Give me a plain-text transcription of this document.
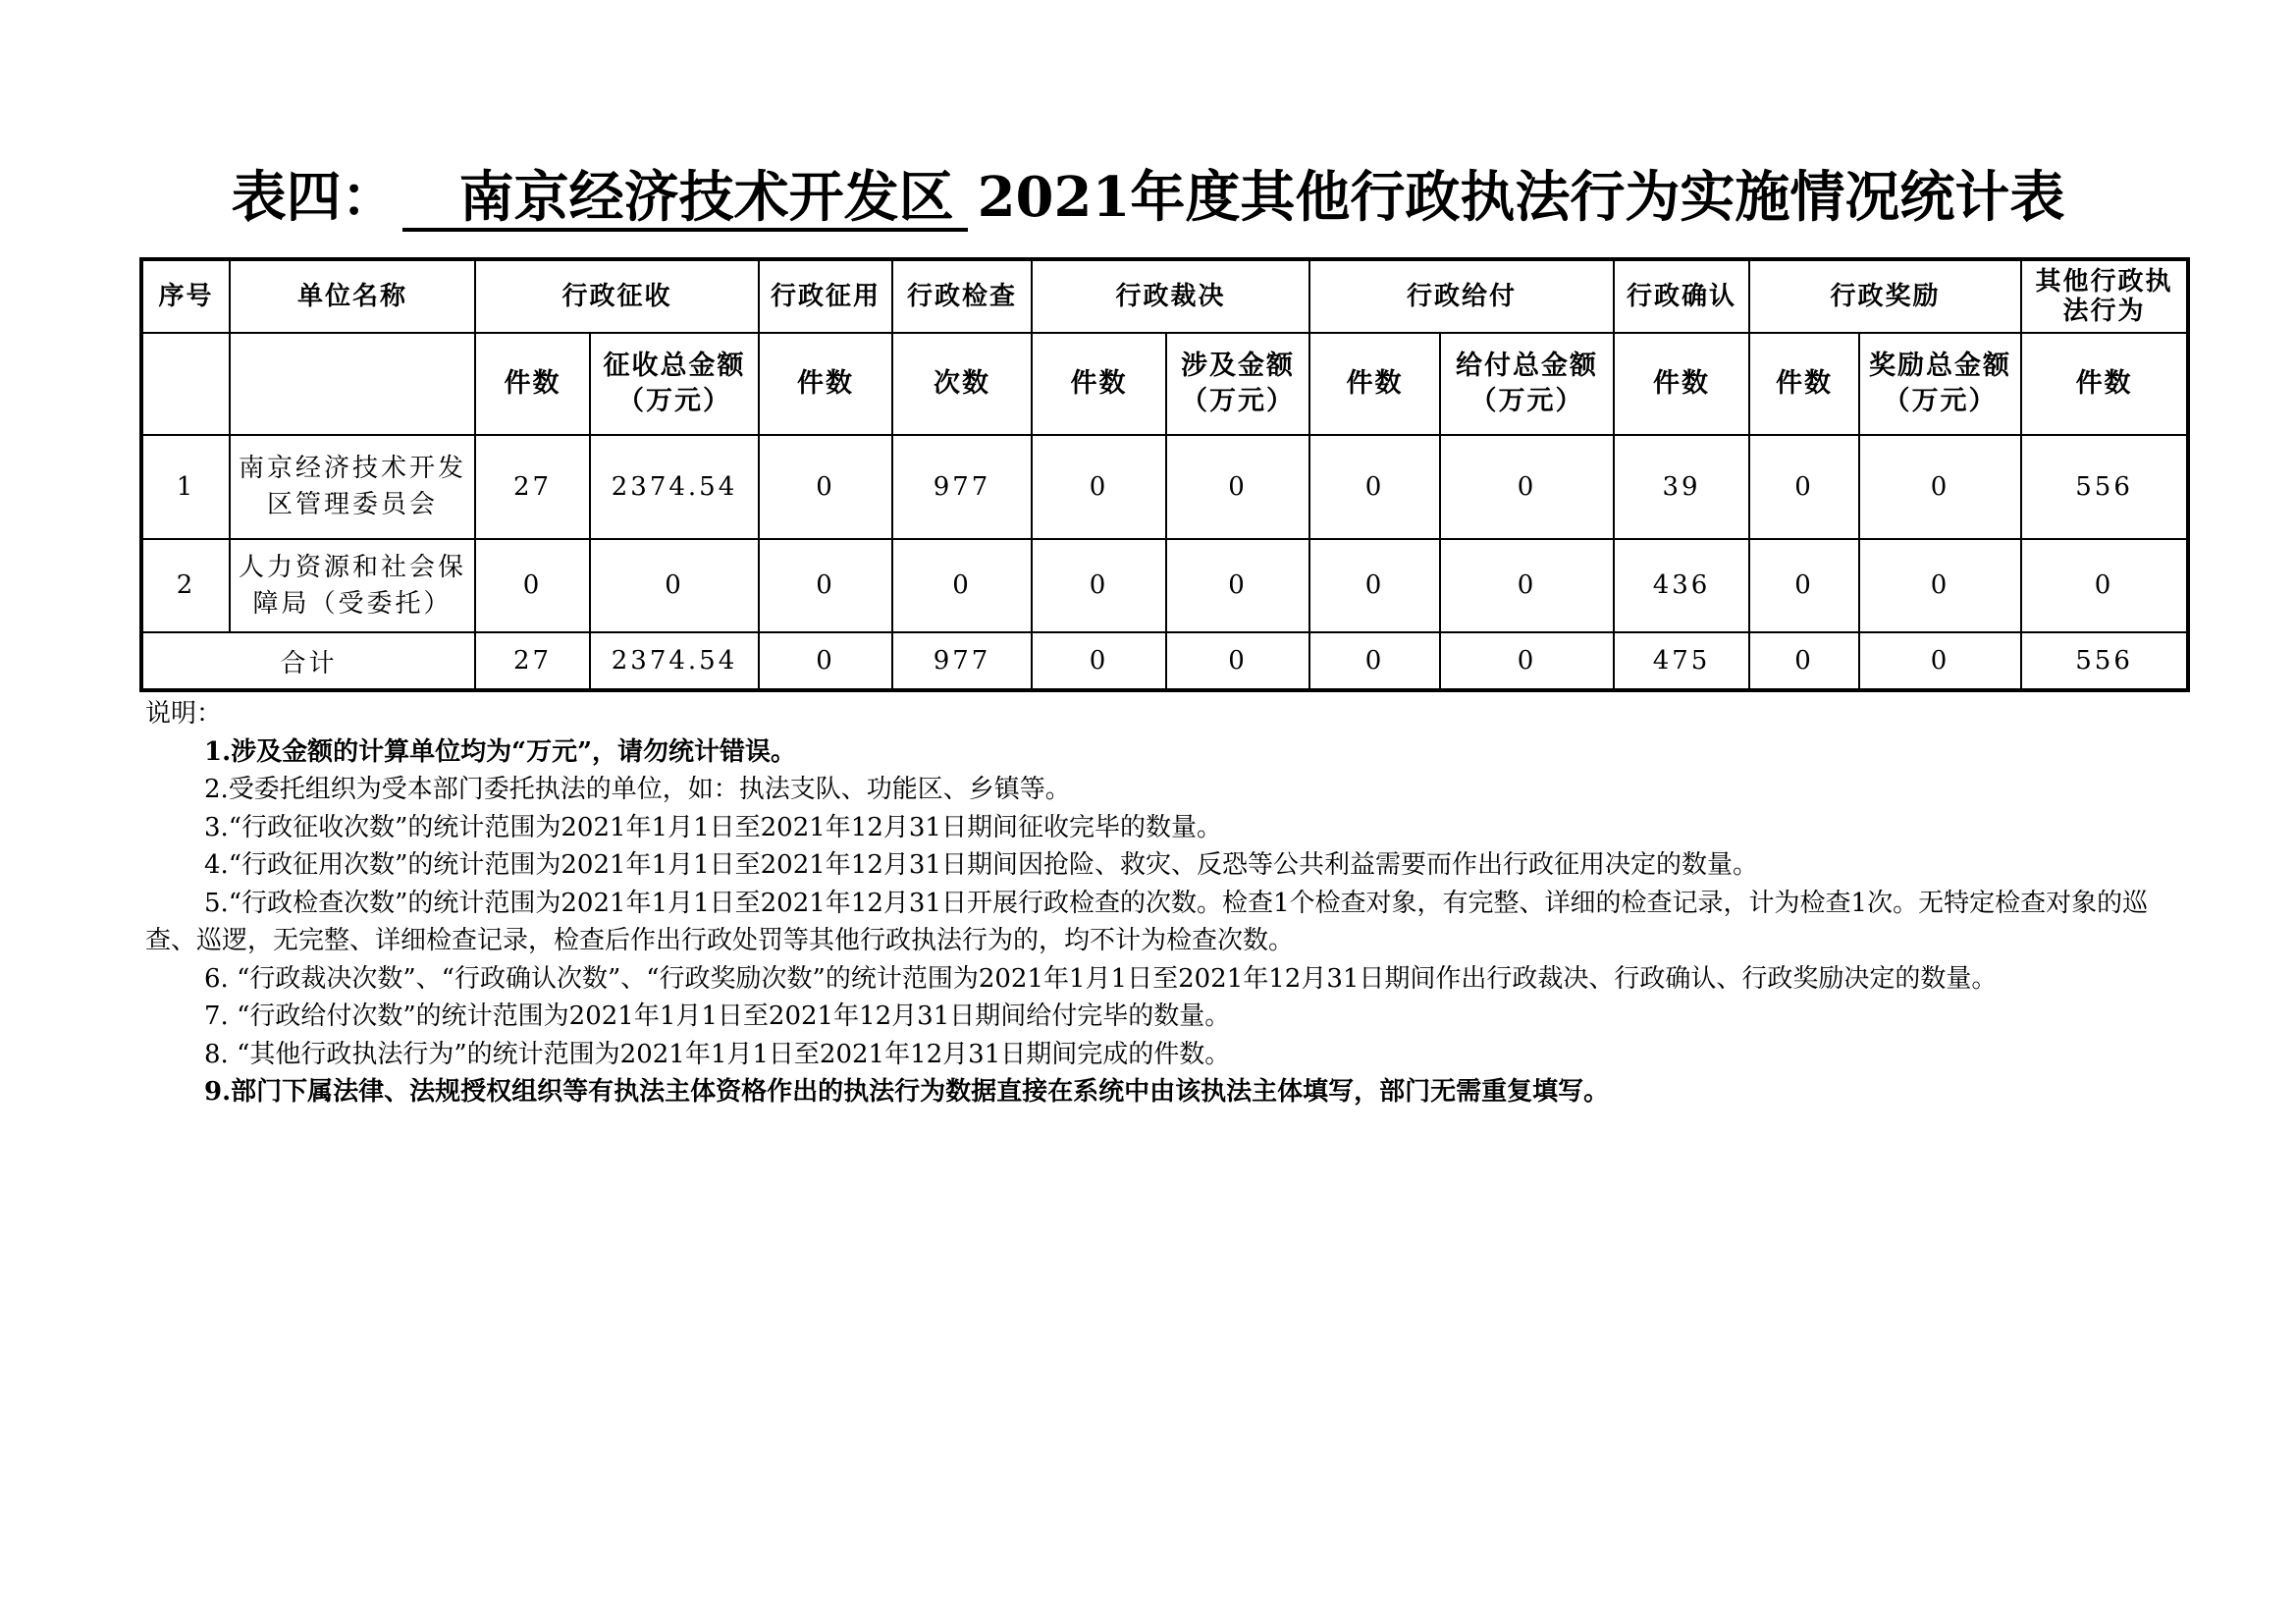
表四： 南京经济技术开发区 2021年度其他行政执法行为实施情况统计表
序号	单位名称	行政征收		行政征用	行政检查	行政裁决		行政给付		行政确认	行政奖励		其他行政执法行为
		件数	征收总金额（万元）	件数	次数	件数	涉及金额（万元）	件数	给付总金额（万元）	件数	件数	奖励总金额（万元）	件数
1	南京经济技术开发区管理委员会	27	2374.54	0	977	0	0	0	0	39	0	0	556
2	人力资源和社会保障局（受委托）	0	0	0	0	0	0	0	0	436	0	0	0
合计		27	2374.54	0	977	0	0	0	0	475	0	0	556

说明：

1.涉及金额的计算单位均为“万元”，请勿统计错误。

2.受委托组织为受本部门委托执法的单位，如：执法支队、功能区、乡镇等。

3.“行政征收次数”的统计范围为2021年1月1日至2021年12月31日期间征收完毕的数量。

4.“行政征用次数”的统计范围为2021年1月1日至2021年12月31日期间因抢险、救灾、反恐等公共利益需要而作出行政征用决定的数量。

5.“行政检查次数”的统计范围为2021年1月1日至2021年12月31日开展行政检查的次数。检查1个检查对象，有完整、详细的检查记录，计为检查1次。无特定检查对象的巡查、巡逻，无完整、详细检查记录，检查后作出行政处罚等其他行政执法行为的，均不计为检查次数。

6. “行政裁决次数”、“行政确认次数”、“行政奖励次数”的统计范围为2021年1月1日至2021年12月31日期间作出行政裁决、行政确认、行政奖励决定的数量。

7. “行政给付次数”的统计范围为2021年1月1日至2021年12月31日期间给付完毕的数量。

8. “其他行政执法行为”的统计范围为2021年1月1日至2021年12月31日期间完成的件数。

9.部门下属法律、法规授权组织等有执法主体资格作出的执法行为数据直接在系统中由该执法主体填写，部门无需重复填写。
